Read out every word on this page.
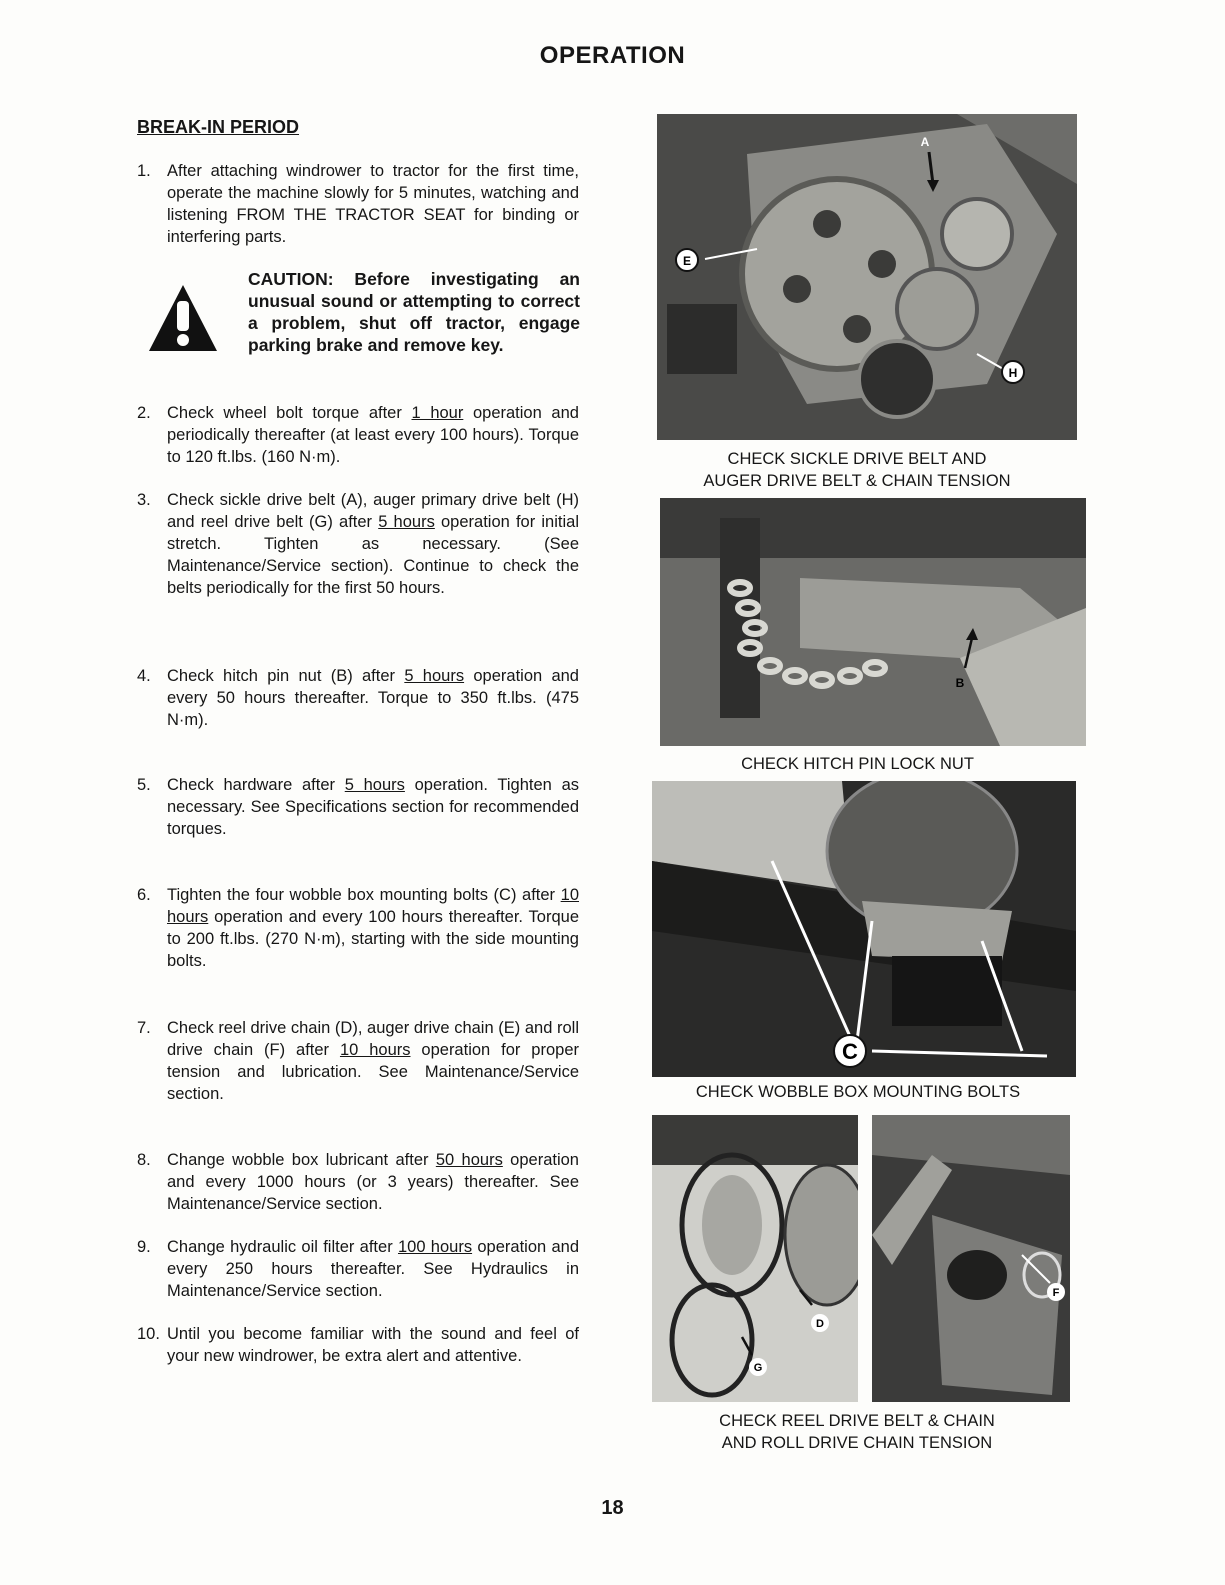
OPERATION
BREAK-IN PERIOD
1. After attaching windrower to tractor for the first time, operate the machine slowly for 5 minutes, watching and listening FROM THE TRACTOR SEAT for binding or interfering parts.
CAUTION: Before investigating an unusual sound or attempting to correct a problem, shut off tractor, engage parking brake and remove key.
2. Check wheel bolt torque after 1 hour operation and periodically thereafter (at least every 100 hours). Torque to 120 ft.lbs. (160 N·m).
3. Check sickle drive belt (A), auger primary drive belt (H) and reel drive belt (G) after 5 hours operation for initial stretch. Tighten as necessary. (See Maintenance/Service section). Continue to check the belts periodically for the first 50 hours.
4. Check hitch pin nut (B) after 5 hours operation and every 50 hours thereafter. Torque to 350 ft.lbs. (475 N·m).
5. Check hardware after 5 hours operation. Tighten as necessary. See Specifications section for recommended torques.
6. Tighten the four wobble box mounting bolts (C) after 10 hours operation and every 100 hours thereafter. Torque to 200 ft.lbs. (270 N·m), starting with the side mounting bolts.
7. Check reel drive chain (D), auger drive chain (E) and roll drive chain (F) after 10 hours operation for proper tension and lubrication. See Maintenance/Service section.
8. Change wobble box lubricant after 50 hours operation and every 1000 hours (or 3 years) thereafter. See Maintenance/Service section.
9. Change hydraulic oil filter after 100 hours operation and every 250 hours thereafter. See Hydraulics in Maintenance/Service section.
10. Until you become familiar with the sound and feel of your new windrower, be extra alert and attentive.
E
H
A
CHECK SICKLE DRIVE BELT AND
AUGER DRIVE BELT & CHAIN TENSION
B
CHECK HITCH PIN LOCK NUT
C
CHECK WOBBLE BOX MOUNTING BOLTS
G
D
F
CHECK REEL DRIVE BELT & CHAIN
AND ROLL DRIVE CHAIN TENSION
18
